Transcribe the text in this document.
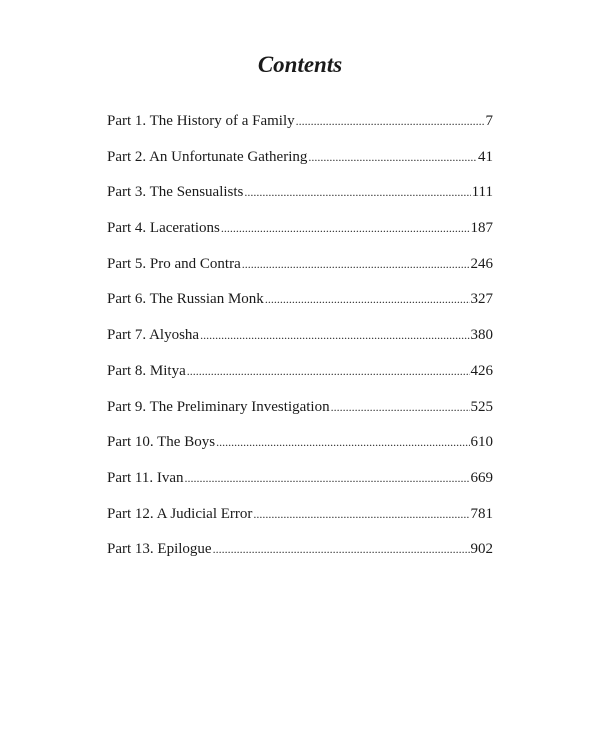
Contents
Part 1. The History of a Family .....	7
Part 2. An Unfortunate Gathering .....	41
Part 3. The Sensualists .....	111
Part 4. Lacerations .....	187
Part 5. Pro and Contra .....	246
Part 6. The Russian Monk .....	327
Part 7. Alyosha .....	380
Part 8. Mitya .....	426
Part 9. The Preliminary Investigation .....	525
Part 10. The Boys .....	610
Part 11. Ivan .....	669
Part 12. A Judicial Error .....	781
Part 13. Epilogue .....	902
